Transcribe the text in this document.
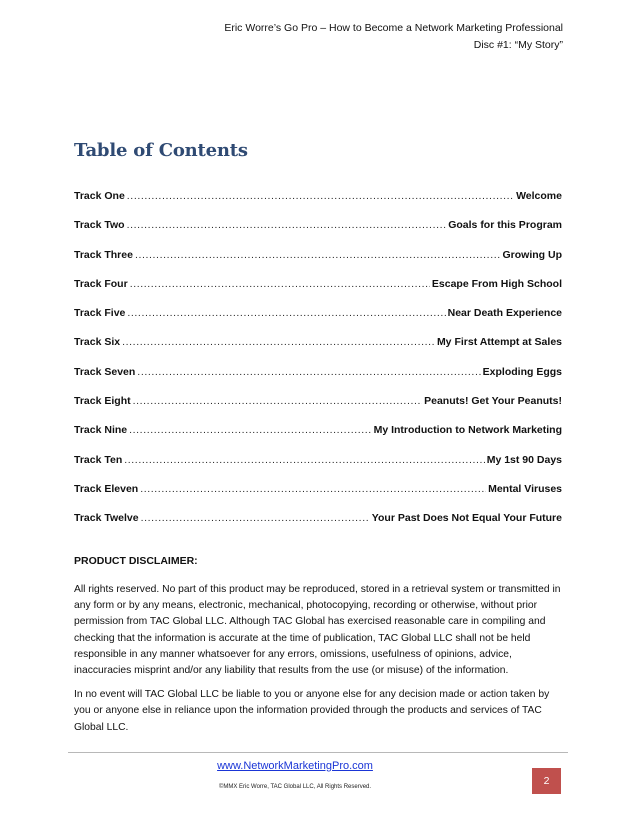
Eric Worre’s Go Pro – How to Become a Network Marketing Professional
Disc #1: “My Story”
Table of Contents
Track One .....	Welcome
Track Two .....	Goals for this Program
Track Three .....	Growing Up
Track Four .....	Escape From High School
Track Five .....	Near Death Experience
Track Six .....	My First Attempt at Sales
Track Seven .....	Exploding Eggs
Track Eight .....	Peanuts! Get Your Peanuts!
Track Nine .....	My Introduction to Network Marketing
Track Ten .....	My 1st 90 Days
Track Eleven .....	Mental Viruses
Track Twelve .....	Your Past Does Not Equal Your Future
PRODUCT DISCLAIMER:

All rights reserved. No part of this product may be reproduced, stored in a retrieval system or transmitted in any form or by any means, electronic, mechanical, photocopying, recording or otherwise, without prior permission from TAC Global LLC. Although TAC Global has exercised reasonable care in compiling and checking that the information is accurate at the time of publication, TAC Global LLC shall not be held responsible in any manner whatsoever for any errors, omissions, usefulness of opinions, advice, inaccuracies misprint and/or any liability that results from the use (or misuse) of the information.

In no event will TAC Global LLC be liable to you or anyone else for any decision made or action taken by you or anyone else in reliance upon the information provided through the products and services of TAC Global LLC.

www.NetworkMarketingPro.com
©MMX Eric Worre, TAC Global LLC, All Rights Reserved.	2
